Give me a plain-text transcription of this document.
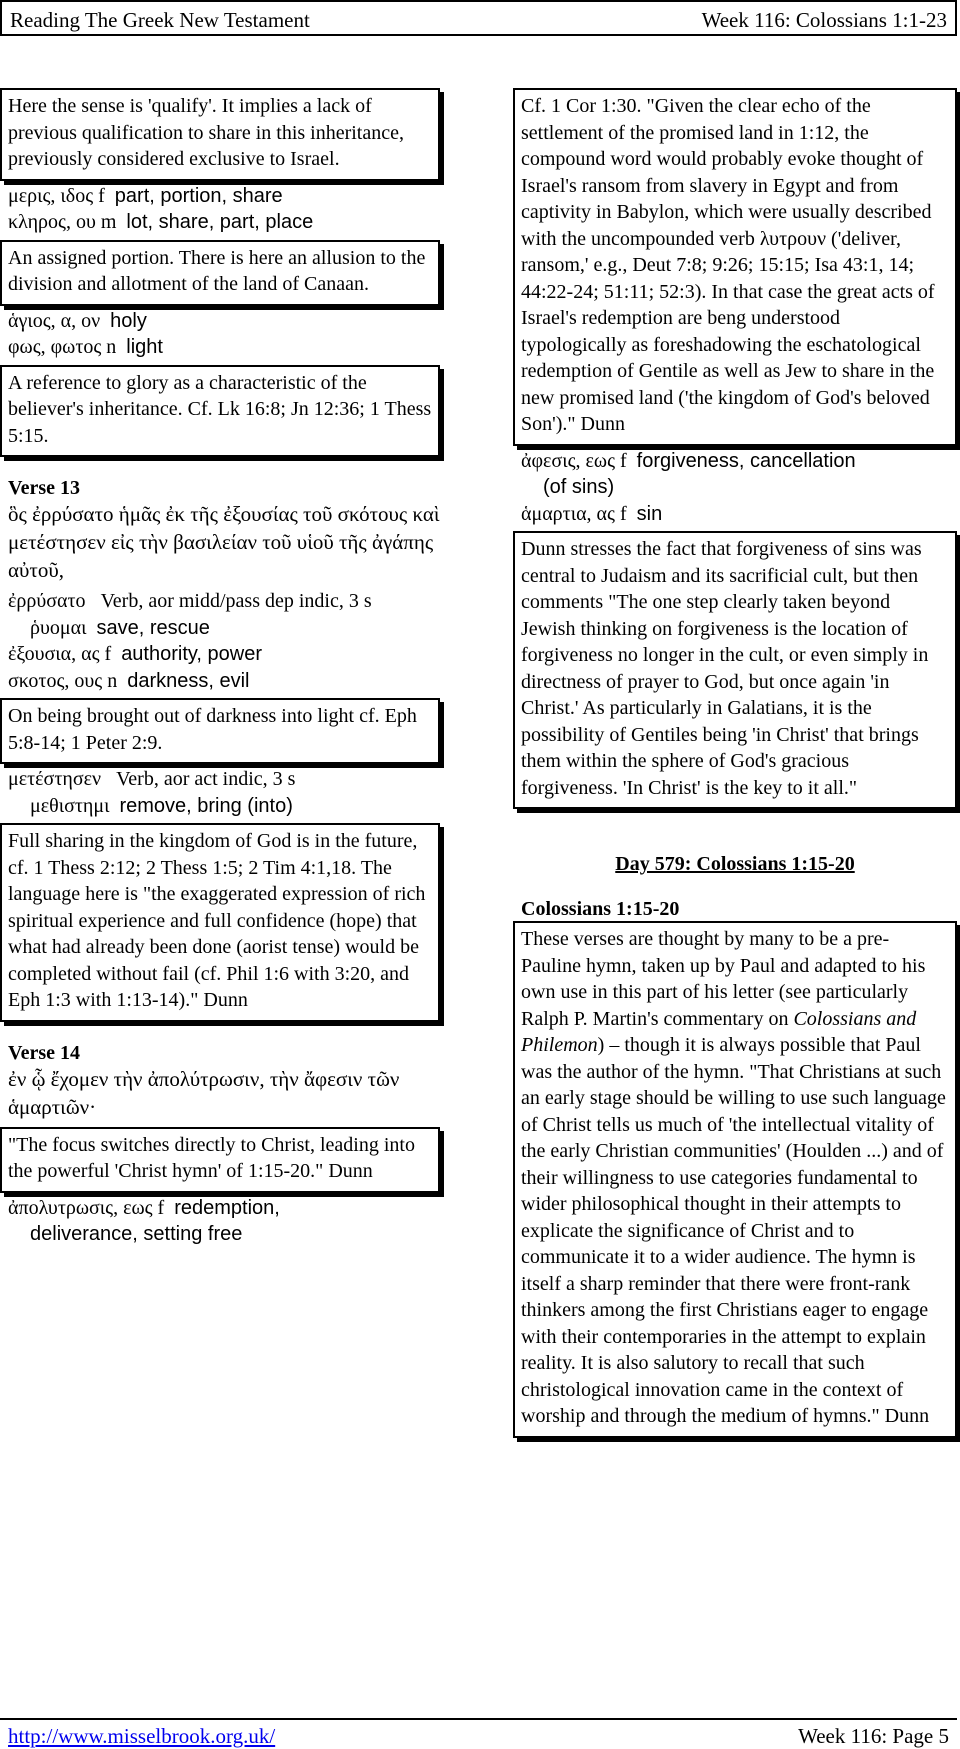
Reading The Greek New Testament	Week 116: Colossians 1:1-23
Here the sense is 'qualify'. It implies a lack of previous qualification to share in this inheritance, previously considered exclusive to Israel.
μερις, ιδος f part, portion, share
κληρος, ου m lot, share, part, place
An assigned portion. There is here an allusion to the division and allotment of the land of Canaan.
ἁγιος, α, ον holy
φως, φωτος n light
A reference to glory as a characteristic of the believer's inheritance. Cf. Lk 16:8; Jn 12:36; 1 Thess 5:15.
Verse 13
ὃς ἐρρύσατο ἡμᾶς ἐκ τῆς ἐξουσίας τοῦ σκότους καὶ μετέστησεν εἰς τὴν βασιλείαν τοῦ υἱοῦ τῆς ἀγάπης αὐτοῦ,
ἐρρύσατο Verb, aor midd/pass dep indic, 3 s
ῥυομαι save, rescue
ἐξουσια, ας f authority, power
σκοτος, ους n darkness, evil
On being brought out of darkness into light cf. Eph 5:8-14; 1 Peter 2:9.
μετέστησεν Verb, aor act indic, 3 s
μεθιστημι remove, bring (into)
Full sharing in the kingdom of God is in the future, cf. 1 Thess 2:12; 2 Thess 1:5; 2 Tim 4:1,18. The language here is "the exaggerated expression of rich spiritual experience and full confidence (hope) that what had already been done (aorist tense) would be completed without fail (cf. Phil 1:6 with 3:20, and Eph 1:3 with 1:13-14)." Dunn
Verse 14
ἐν ᾧ ἔχομεν τὴν ἀπολύτρωσιν, τὴν ἄφεσιν τῶν ἁμαρτιῶν·
"The focus switches directly to Christ, leading into the powerful 'Christ hymn' of 1:15-20." Dunn
ἀπολυτρωσις, εως f redemption,
deliverance, setting free
Cf. 1 Cor 1:30. "Given the clear echo of the settlement of the promised land in 1:12, the compound word would probably evoke thought of Israel's ransom from slavery in Egypt and from captivity in Babylon, which were usually described with the uncompounded verb λυτρουν ('deliver, ransom,' e.g., Deut 7:8; 9:26; 15:15; Isa 43:1, 14; 44:22-24; 51:11; 52:3). In that case the great acts of Israel's redemption are beng understood typologically as foreshadowing the eschatological redemption of Gentile as well as Jew to share in the new promised land ('the kingdom of God's beloved Son')." Dunn
ἀφεσις, εως f forgiveness, cancellation
(of sins)
ἁμαρτια, ας f sin
Dunn stresses the fact that forgiveness of sins was central to Judaism and its sacrificial cult, but then comments "The one step clearly taken beyond Jewish thinking on forgiveness is the location of forgiveness no longer in the cult, or even simply in directness of prayer to God, but once again 'in Christ.' As particularly in Galatians, it is the possibility of Gentiles being 'in Christ' that brings them within the sphere of God's gracious forgiveness. 'In Christ' is the key to it all."
Day 579: Colossians 1:15-20
Colossians 1:15-20
These verses are thought by many to be a pre-Pauline hymn, taken up by Paul and adapted to his own use in this part of his letter (see particularly Ralph P. Martin's commentary on Colossians and Philemon) – though it is always possible that Paul was the author of the hymn. "That Christians at such an early stage should be willing to use such language of Christ tells us much of 'the intellectual vitality of the early Christian communities' (Houlden ...) and of their willingness to use categories fundamental to wider philosophical thought in their attempts to explicate the significance of Christ and to communicate it to a wider audience. The hymn is itself a sharp reminder that there were front-rank thinkers among the first Christians eager to engage with their contemporaries in the attempt to explain reality. It is also salutory to recall that such christological innovation came in the context of worship and through the medium of hymns." Dunn
http://www.misselbrook.org.uk/	Week 116: Page 5
